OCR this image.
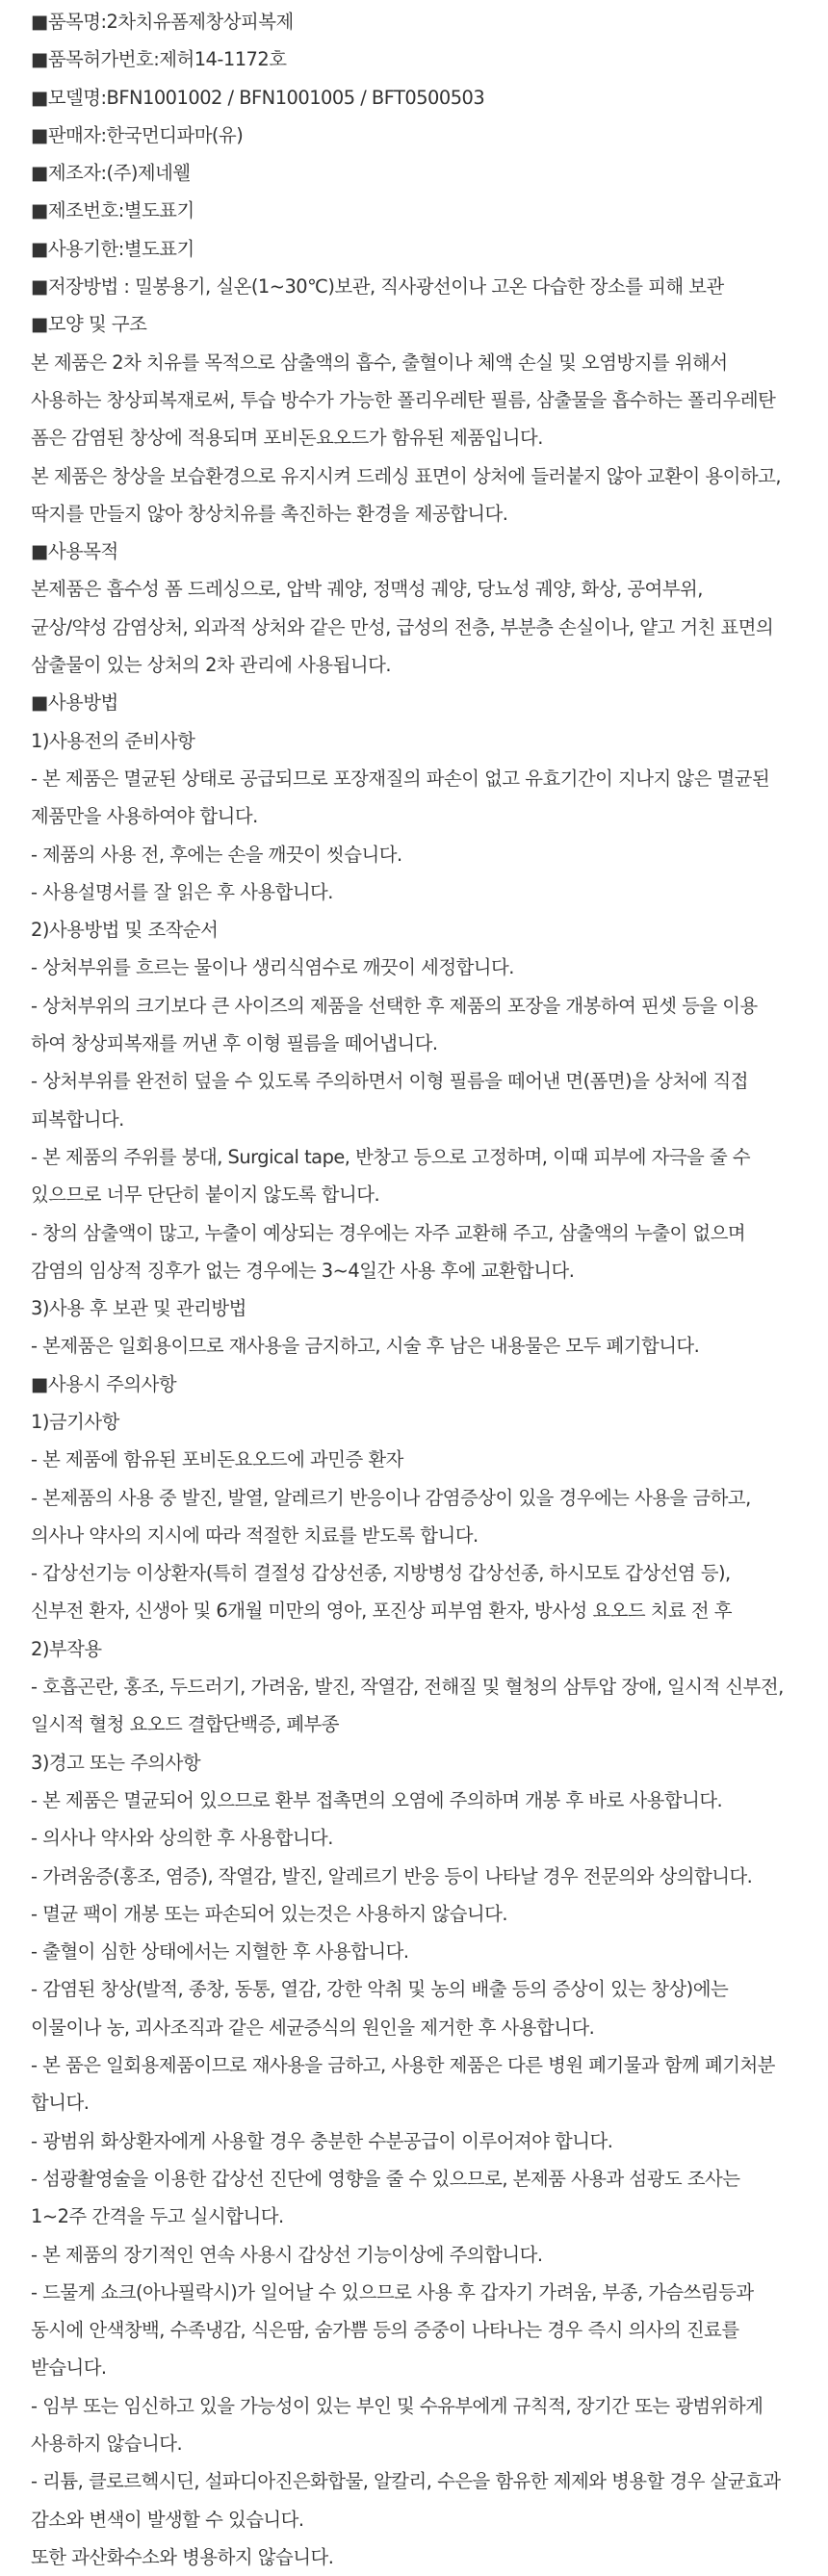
■품목명:2차치유폼제창상피복제

■품목허가번호:제허14-1172호

■모델명:BFN1001002 / BFN1001005 / BFT0500503

■판매자:한국먼디파마(유)

■제조자:(주)제네웰

■제조번호:별도표기

■사용기한:별도표기

■저장방법 : 밀봉용기, 실온(1~30℃)보관, 직사광선이나 고온 다습한 장소를 피해 보관

■모양 및 구조

본 제품은 2차 치유를 목적으로 삼출액의 흡수, 출혈이나 체액 손실 및 오염방지를 위해서

사용하는 창상피복재로써, 투습 방수가 가능한 폴리우레탄 필름, 삼출물을 흡수하는 폴리우레탄

폼은 감염된 창상에 적용되며 포비돈요오드가 함유된 제품입니다.

본 제품은 창상을 보습환경으로 유지시켜 드레싱 표면이 상처에 들러붙지 않아 교환이 용이하고,

딱지를 만들지 않아 창상치유를 촉진하는 환경을 제공합니다.

■사용목적

본제품은 흡수성 폼 드레싱으로, 압박 궤양, 정맥성 궤양, 당뇨성 궤양, 화상, 공여부위,

균상/약성 감염상처, 외과적 상처와 같은 만성, 급성의 전층, 부분층 손실이나, 얕고 거친 표면의

삼출물이 있는 상처의 2차 관리에 사용됩니다.

■사용방법

1)사용전의 준비사항

- 본 제품은 멸균된 상태로 공급되므로 포장재질의 파손이 없고 유효기간이 지나지 않은 멸균된

제품만을 사용하여야 합니다.

- 제품의 사용 전, 후에는 손을 깨끗이 씻습니다.

- 사용설명서를 잘 읽은 후 사용합니다.

2)사용방법 및 조작순서

- 상처부위를 흐르는 물이나 생리식염수로 깨끗이 세정합니다.

- 상처부위의 크기보다 큰 사이즈의 제품을 선택한 후 제품의 포장을 개봉하여 핀셋 등을 이용

하여 창상피복재를 꺼낸 후 이형 필름을 떼어냅니다.

- 상처부위를 완전히 덮을 수 있도록 주의하면서 이형 필름을 떼어낸 면(폼면)을 상처에 직접

피복합니다.

- 본 제품의 주위를 붕대, Surgical tape, 반창고 등으로 고정하며, 이때 피부에 자극을 줄 수

있으므로 너무 단단히 붙이지 않도록 합니다.

- 창의 삼출액이 많고, 누출이 예상되는 경우에는 자주 교환해 주고, 삼출액의 누출이 없으며

감염의 임상적 징후가 없는 경우에는 3~4일간 사용 후에 교환합니다.

3)사용 후 보관 및 관리방법

- 본제품은 일회용이므로 재사용을 금지하고, 시술 후 남은 내용물은 모두 폐기합니다.

■사용시 주의사항

1)금기사항

- 본 제품에 함유된 포비돈요오드에 과민증 환자

- 본제품의 사용 중 발진, 발열, 알레르기 반응이나 감염증상이 있을 경우에는 사용을 금하고,

의사나 약사의 지시에 따라 적절한 치료를 받도록 합니다.

- 갑상선기능 이상환자(특히 결절성 갑상선종, 지방병성 갑상선종, 하시모토 갑상선염 등),

신부전 환자, 신생아 및 6개월 미만의 영아, 포진상 피부염 환자, 방사성 요오드 치료 전 후

2)부작용

- 호흡곤란, 홍조, 두드러기, 가려움, 발진, 작열감, 전해질 및 혈청의 삼투압 장애, 일시적 신부전,

일시적 혈청 요오드 결합단백증, 폐부종

3)경고 또는 주의사항

- 본 제품은 멸균되어 있으므로 환부 접촉면의 오염에 주의하며 개봉 후 바로 사용합니다.

- 의사나 약사와 상의한 후 사용합니다.

- 가려움증(홍조, 염증), 작열감, 발진, 알레르기 반응 등이 나타날 경우 전문의와 상의합니다.

- 멸균 팩이 개봉 또는 파손되어 있는것은 사용하지 않습니다.

- 출혈이 심한 상태에서는 지혈한 후 사용합니다.

- 감염된 창상(발적, 종창, 동통, 열감, 강한 악취 및 농의 배출 등의 증상이 있는 창상)에는

이물이나 농, 괴사조직과 같은 세균증식의 원인을 제거한 후 사용합니다.

- 본 품은 일회용제품이므로 재사용을 금하고, 사용한 제품은 다른 병원 폐기물과 함께 폐기처분

합니다.

- 광범위 화상환자에게 사용할 경우 충분한 수분공급이 이루어져야 합니다.

- 섬광촬영술을 이용한 갑상선 진단에 영향을 줄 수 있으므로, 본제품 사용과 섬광도 조사는

1~2주 간격을 두고 실시합니다.

- 본 제품의 장기적인 연속 사용시 갑상선 기능이상에 주의합니다.

- 드물게 쇼크(아나필락시)가 일어날 수 있으므로 사용 후 갑자기 가려움, 부종, 가슴쓰림등과

동시에 안색창백, 수족냉감, 식은땀, 숨가쁨 등의 증중이 나타나는 경우 즉시 의사의 진료를

받습니다.

- 임부 또는 임신하고 있을 가능성이 있는 부인 및 수유부에게 규칙적, 장기간 또는 광범위하게

사용하지 않습니다.

- 리튬, 클로르헥시딘, 설파디아진은화합물, 알칼리, 수은을 함유한 제제와 병용할 경우 살균효과

감소와 변색이 발생할 수 있습니다.

또한 과산화수소와 병용하지 않습니다.
